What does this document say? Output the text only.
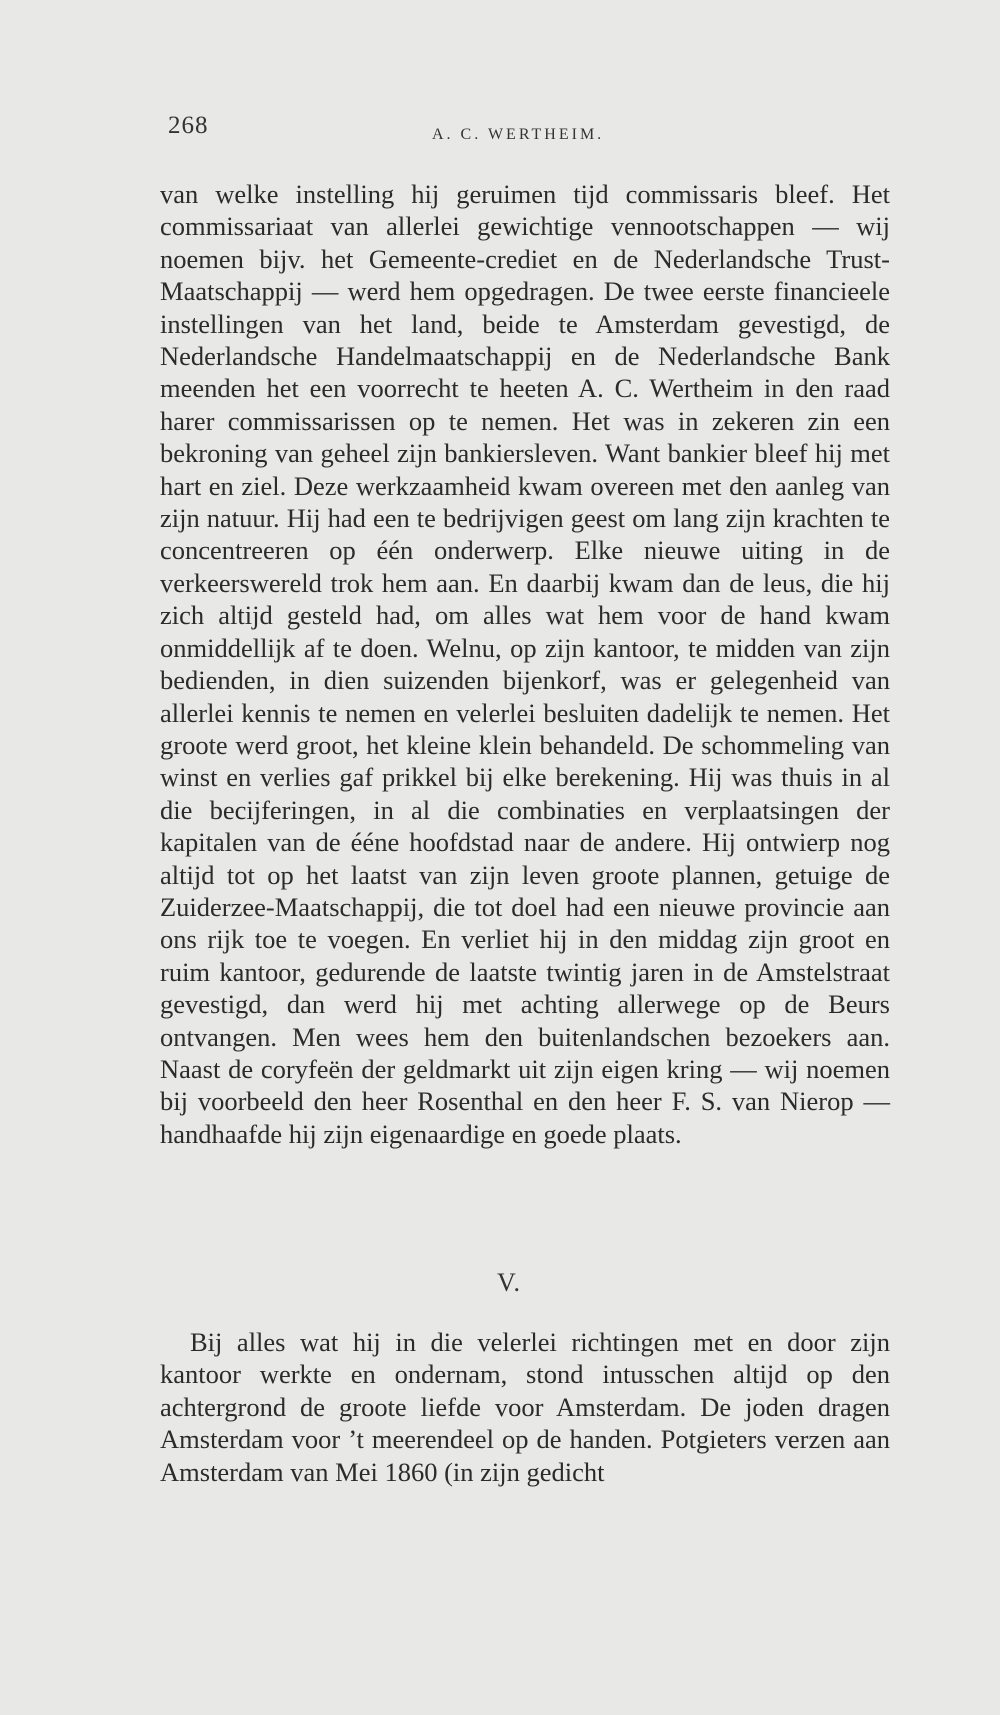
268	A. C. WERTHEIM.

van welke instelling hij geruimen tijd commissaris bleef. Het commissariaat van allerlei gewichtige vennootschappen — wij noemen bijv. het Gemeente-crediet en de Nederlandsche Trust-Maatschappij — werd hem opgedragen. De twee eerste financieele instellingen van het land, beide te Amsterdam gevestigd, de Nederlandsche Handelmaatschappij en de Nederlandsche Bank meenden het een voorrecht te heeten A. C. Wertheim in den raad harer commissarissen op te nemen. Het was in zekeren zin een bekroning van geheel zijn bankiersleven. Want bankier bleef hij met hart en ziel. Deze werkzaamheid kwam overeen met den aanleg van zijn natuur. Hij had een te bedrijvigen geest om lang zijn krachten te concentreeren op één onderwerp. Elke nieuwe uiting in de verkeerswereld trok hem aan. En daarbij kwam dan de leus, die hij zich altijd gesteld had, om alles wat hem voor de hand kwam onmiddellijk af te doen. Welnu, op zijn kantoor, te midden van zijn bedienden, in dien suizenden bijenkorf, was er gelegenheid van allerlei kennis te nemen en velerlei besluiten dadelijk te nemen. Het groote werd groot, het kleine klein behandeld. De schommeling van winst en verlies gaf prikkel bij elke berekening. Hij was thuis in al die becijferingen, in al die combinaties en verplaatsingen der kapitalen van de ééne hoofdstad naar de andere. Hij ontwierp nog altijd tot op het laatst van zijn leven groote plannen, getuige de Zuiderzee-Maatschappij, die tot doel had een nieuwe provincie aan ons rijk toe te voegen. En verliet hij in den middag zijn groot en ruim kantoor, gedurende de laatste twintig jaren in de Amstelstraat gevestigd, dan werd hij met achting allerwege op de Beurs ontvangen. Men wees hem den buitenlandschen bezoekers aan. Naast de coryfeën der geldmarkt uit zijn eigen kring — wij noemen bij voorbeeld den heer Rosenthal en den heer F. S. van Nierop — handhaafde hij zijn eigenaardige en goede plaats.

V.

Bij alles wat hij in die velerlei richtingen met en door zijn kantoor werkte en ondernam, stond intusschen altijd op den achtergrond de groote liefde voor Amsterdam. De joden dragen Amsterdam voor ’t meerendeel op de handen. Potgieters verzen aan Amsterdam van Mei 1860 (in zijn gedicht
